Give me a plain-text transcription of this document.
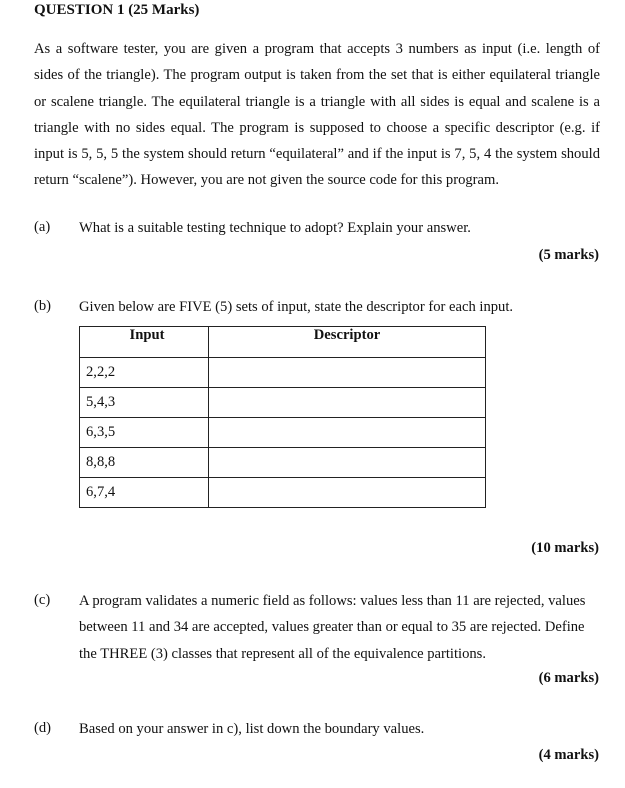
QUESTION 1 (25 Marks)
As a software tester, you are given a program that accepts 3 numbers as input (i.e. length of sides of the triangle). The program output is taken from the set that is either equilateral triangle or scalene triangle. The equilateral triangle is a triangle with all sides is equal and scalene is a triangle with no sides equal. The program is supposed to choose a specific descriptor (e.g. if input is 5, 5, 5 the system should return “equilateral” and if the input is 7, 5, 4 the system should return “scalene”). However, you are not given the source code for this program.
(a) What is a suitable testing technique to adopt? Explain your answer.
(5 marks)
(b) Given below are FIVE (5) sets of input, state the descriptor for each input.
Input	Descriptor
2,2,2	
5,4,3	
6,3,5	
8,8,8	
6,7,4	
(10 marks)
(c) A program validates a numeric field as follows: values less than 11 are rejected, values between 11 and 34 are accepted, values greater than or equal to 35 are rejected. Define the THREE (3) classes that represent all of the equivalence partitions.
(6 marks)
(d) Based on your answer in c), list down the boundary values.
(4 marks)
